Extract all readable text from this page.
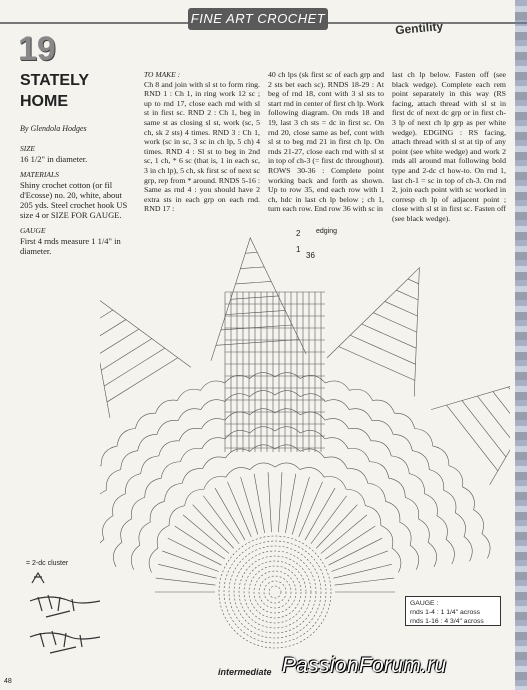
FINE ART CROCHET
Gentility
19
STATELY HOME
By Glendola Hodges
SIZE
16 1/2" in diameter.
MATERIALS
Shiny crochet cotton (or fil d'Ecosse) no. 20, white, about 205 yds. Steel crochet hook US size 4 or SIZE FOR GAUGE.
GAUGE
First 4 rnds measure 1 1/4" in diameter.
TO MAKE :
Ch 8 and join with sl st to form ring. RND 1 : Ch 1, in ring work 12 sc ; up to rnd 17, close each rnd with sl st in first sc. RND 2 : Ch 1, beg in same st as closing sl st, work (sc, 5 ch, sk 2 sts) 4 times. RND 3 : Ch 1, work (sc in sc, 3 sc in ch lp, 5 ch) 4 times. RND 4 : Sl st to beg in 2nd sc, 1 ch, * 6 sc (that is, 1 in each sc, 3 in ch lp), 5 ch, sk first sc of next sc grp, rep from * around. RNDS 5-16 : Same as rnd 4 : you should have 2 extra sts in each grp on each rnd. RND 17 :
40 ch lps (sk first sc of each grp and 2 sts bet each sc). RNDS 18-29 : At beg of rnd 18, cont with 3 sl sts to start rnd in center of first ch lp. Work following diagram. On rnds 18 and 19, last 3 ch sts = dc in first sc. On rnd 20, close same as bef, cont with sl st to beg rnd 21 in first ch lp. On rnds 21-27, close each rnd with sl st in top of ch-3 (= first dc throughout). ROWS 30-36 : Complete point working back and forth as shown. Up to row 35, end each row with 1 ch, hdc in last ch lp below ; ch 1, turn each row. End row 36 with sc in
last ch lp below. Fasten off (see black wedge). Complete each rem point separately in this way (RS facing, attach thread with sl st in first dc of next dc grp or in first ch-3 lp of next ch lp grp as per white wedge). EDGING : RS facing, attach thread with sl st at tip of any point (see white wedge) and work 2 rnds all around mat following bold type and 2-dc cl how-to. On rnd 1, last ch-1 = sc in top of ch-3. On rnd 2, join each point with sc worked in corresp ch lp of adjacent point ; close with sl st in first sc. Fasten off (see black wedge).
2
1
36
edging
= 2-dc cluster
GAUGE :
rnds 1-4 : 1 1/4" across
rnds 1-16 : 4 3/4" across
48
intermediate PassionForum.ru
